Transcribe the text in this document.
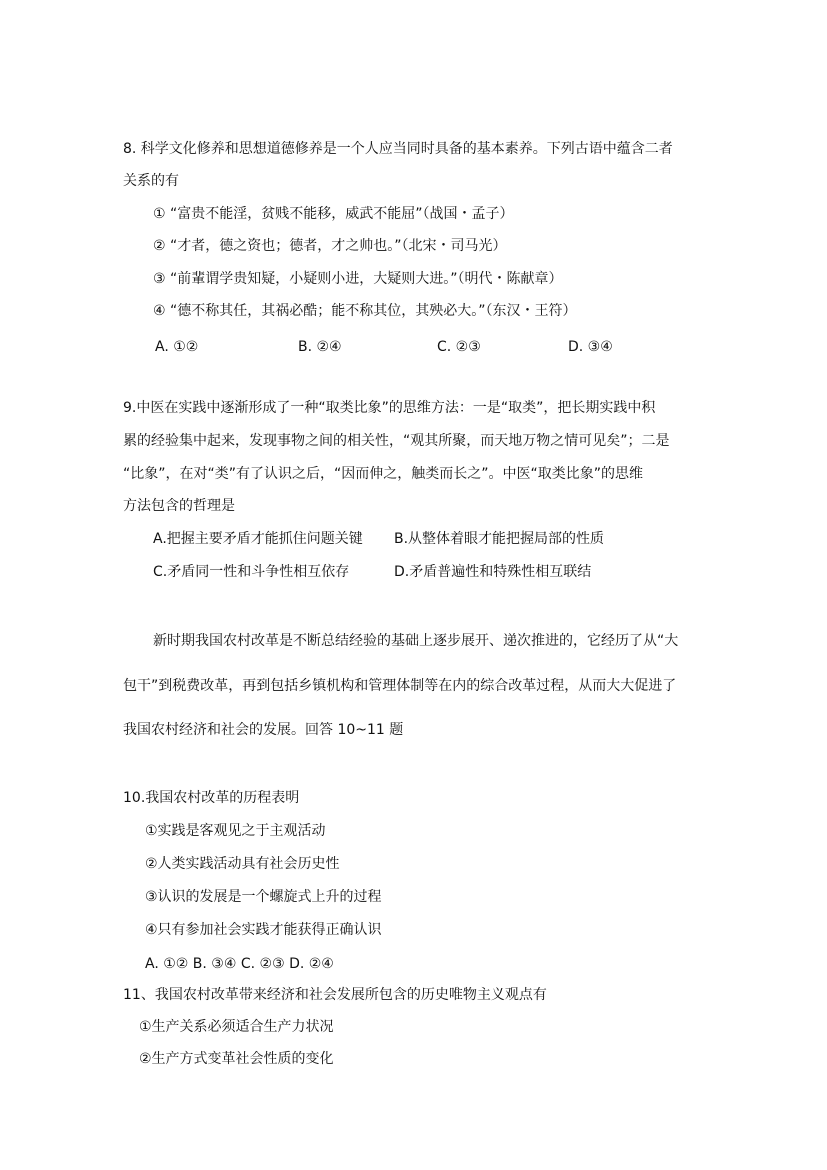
8. 科学文化修养和思想道德修养是一个人应当同时具备的基本素养。下列古语中蕴含二者
关系的有
① “富贵不能淫，贫贱不能移，威武不能屈”（战国・孟子）
② “才者，德之资也；德者，才之帅也。”（北宋・司马光）
③ “前輩谓学贵知疑，小疑则小进，大疑则大进。”（明代・陈献章）
④ “德不称其任，其祸必酷；能不称其位，其殃必大。”（东汉・王符）
A. ①②	B. ②④	C. ②③	D. ③④
9.中医在实践中逐渐形成了一种“取类比象”的思维方法：一是“取类”，把长期实践中积
累的经验集中起来，发现事物之间的相关性，“观其所聚，而天地万物之情可见矣”；二是
“比象”，在对“类”有了认识之后，“因而伸之，触类而长之”。中医“取类比象”的思维
方法包含的哲理是
A.把握主要矛盾才能抓住问题关键 B.从整体着眼才能把握局部的性质
C.矛盾同一性和斗争性相互依存	D.矛盾普遍性和特殊性相互联结
新时期我国农村改革是不断总结经验的基础上逐步展开、递次推进的，它经历了从“大
包干”到税费改革，再到包括乡镇机构和管理体制等在内的综合改革过程，从而大大促进了
我国农村经济和社会的发展。回答 10~11 题
10.我国农村改革的历程表明
①实践是客观见之于主观活动
②人类实践活动具有社会历史性
③认识的发展是一个螺旋式上升的过程
④只有参加社会实践才能获得正确认识
A. ①② B. ③④ C. ②③ D. ②④
11、我国农村改革带来经济和社会发展所包含的历史唯物主义观点有
①生产关系必须适合生产力状况
②生产方式变革社会性质的变化
